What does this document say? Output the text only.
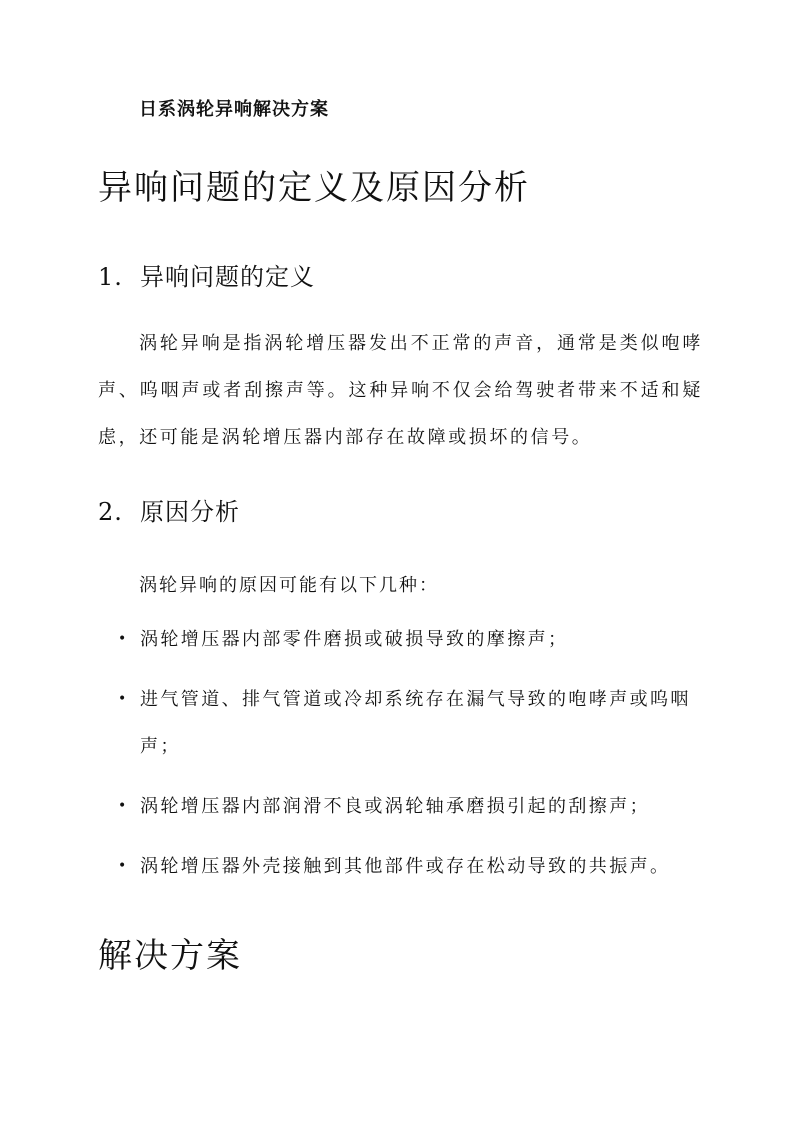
日系涡轮异响解决方案

异响问题的定义及原因分析
1. 异响问题的定义

涡轮异响是指涡轮增压器发出不正常的声音，通常是类似咆哮声、呜咽声或者刮擦声等。这种异响不仅会给驾驶者带来不适和疑虑，还可能是涡轮增压器内部存在故障或损坏的信号。

2. 原因分析

涡轮异响的原因可能有以下几种：

• 涡轮增压器内部零件磨损或破损导致的摩擦声；
• 进气管道、排气管道或冷却系统存在漏气导致的咆哮声或呜咽声；
• 涡轮增压器内部润滑不良或涡轮轴承磨损引起的刮擦声；
• 涡轮增压器外壳接触到其他部件或存在松动导致的共振声。
解决方案
